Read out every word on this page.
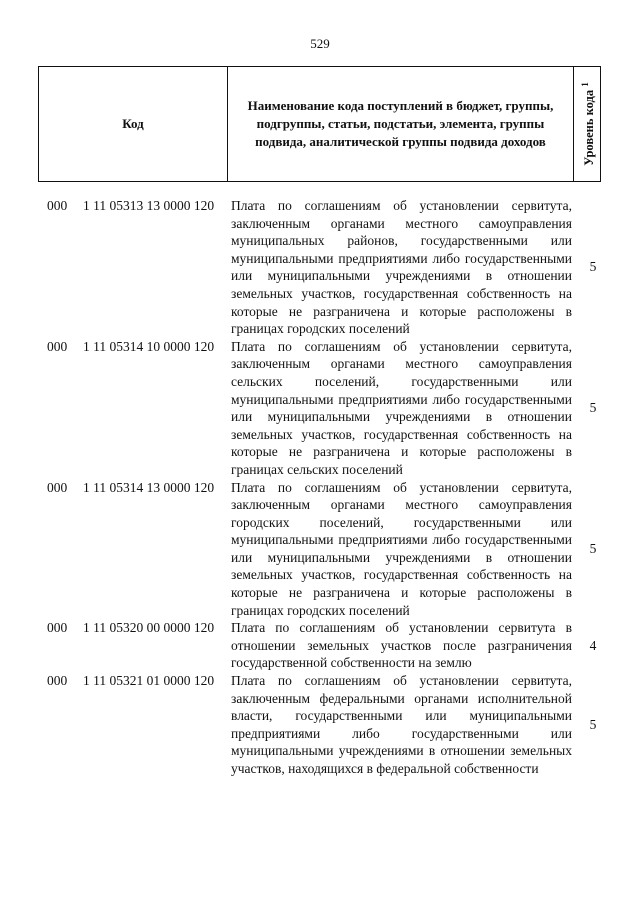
529
Код
Наименование кода поступлений в бюджет, группы, подгруппы, статьи, подстатьи, элемента, группы подвида, аналитической группы подвида доходов	Уровень кода $^1$
000 1 11 05313 13 0000 120 Плата по соглашениям об установлении сервитута, заключенным органами местного самоуправления муниципальных районов, государственными или муниципальными предприятиями либо государственными или муниципальными учреждениями в отношении земельных участков, государственная собственность на которые не разграничена и которые расположены в границах городских поселений
5
000 1 11 05314 10 0000 120 Плата по соглашениям об установлении сервитута, заключенным органами местного самоуправления сельских поселений, государственными или муниципальными предприятиями либо государственными или муниципальными учреждениями в отношении земельных участков, государственная собственность на которые не разграничена и которые расположены в границах сельских поселений
5
000 1 11 05314 13 0000 120 Плата по соглашениям об установлении сервитута, заключенным органами местного самоуправления городских поселений, государственными или муниципальными предприятиями либо государственными или муниципальными учреждениями в отношении земельных участков, государственная собственность на которые не разграничена и которые расположены в границах городских поселений
5
000 1 11 05320 00 0000 120 Плата по соглашениям об установлении сервитута в отношении земельных участков после разграничения государственной собственности на землю
4
000 1 11 05321 01 0000 120 Плата по соглашениям об установлении сервитута, заключенным федеральными органами исполнительной власти, государственными или муниципальными предприятиями либо государственными или муниципальными учреждениями в отношении земельных участков, находящихся в федеральной собственности
5
